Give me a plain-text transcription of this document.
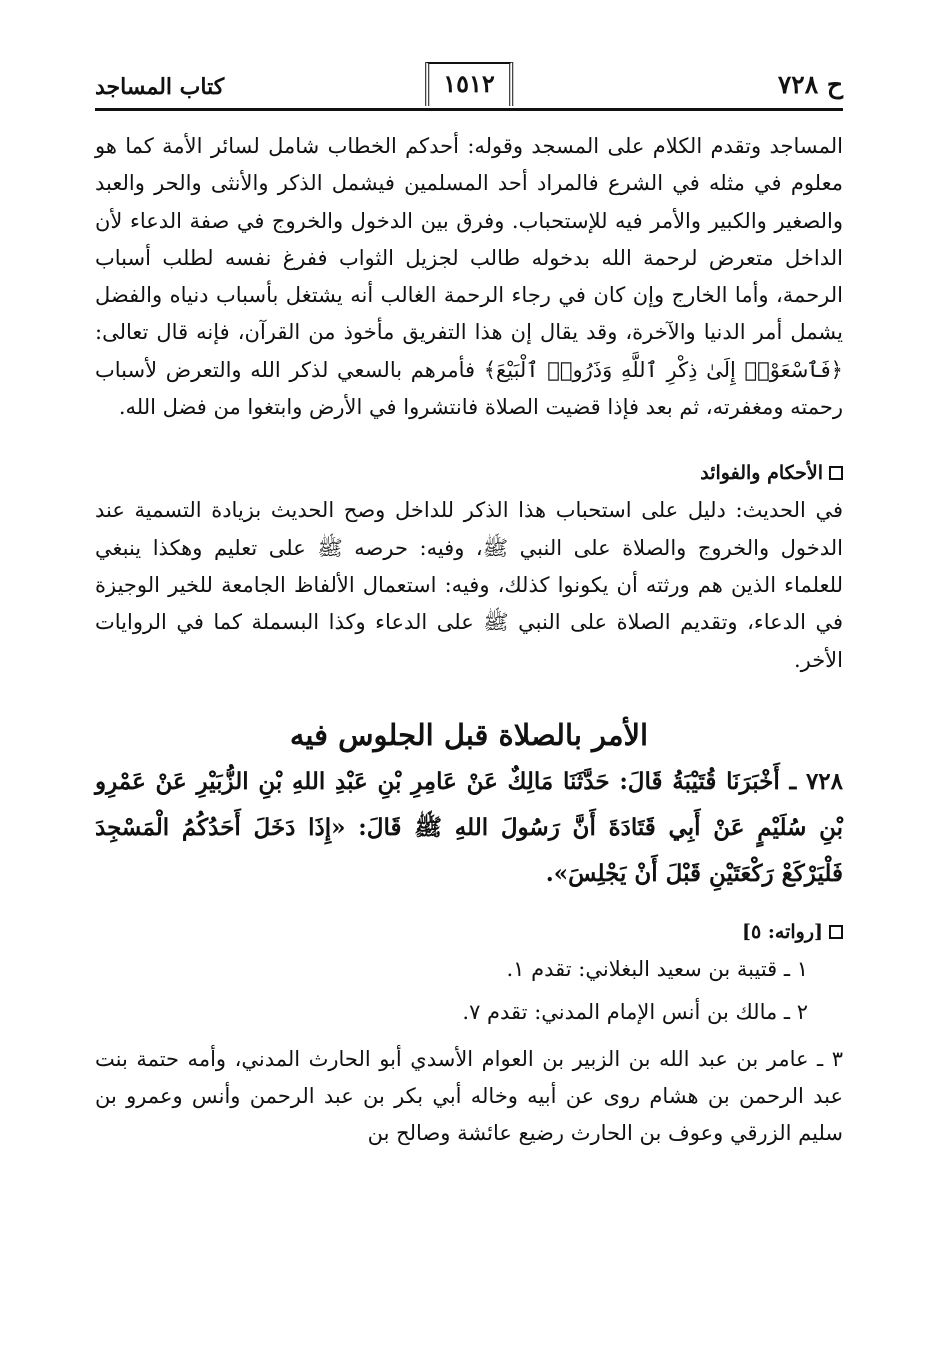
ح ٧٢٨
١٥١٢
كتاب المساجد

المساجد وتقدم الكلام على المسجد وقوله: أحدكم الخطاب شامل لسائر الأمة كما هو معلوم في مثله في الشرع فالمراد أحد المسلمين فيشمل الذكر والأنثى والحر والعبد والصغير والكبير والأمر فيه للإستحباب. وفرق بين الدخول والخروج في صفة الدعاء لأن الداخل متعرض لرحمة الله بدخوله طالب لجزيل الثواب ففرغ نفسه لطلب أسباب الرحمة، وأما الخارج وإن كان في رجاء الرحمة الغالب أنه يشتغل بأسباب دنياه والفضل يشمل أمر الدنيا والآخرة، وقد يقال إن هذا التفريق مأخوذ من القرآن، فإنه قال تعالى: ﴿فَٱسْعَوْا۟ إِلَىٰ ذِكْرِ ٱللَّهِ وَذَرُوا۟ ٱلْبَيْعَ﴾ فأمرهم بالسعي لذكر الله والتعرض لأسباب رحمته ومغفرته، ثم بعد فإذا قضيت الصلاة فانتشروا في الأرض وابتغوا من فضل الله.

الأحكام والفوائد

في الحديث: دليل على استحباب هذا الذكر للداخل وصح الحديث بزيادة التسمية عند الدخول والخروج والصلاة على النبي ﷺ، وفيه: حرصه ﷺ على تعليم وهكذا ينبغي للعلماء الذين هم ورثته أن يكونوا كذلك، وفيه: استعمال الألفاظ الجامعة للخير الوجيزة في الدعاء، وتقديم الصلاة على النبي ﷺ على الدعاء وكذا البسملة كما في الروايات الأخر.

الأمر بالصلاة قبل الجلوس فيه

٧٢٨ ـ أَخْبَرَنَا قُتَيْبَةُ قَالَ: حَدَّثَنَا مَالِكٌ عَنْ عَامِرِ بْنِ عَبْدِ اللهِ بْنِ الزُّبَيْرِ عَنْ عَمْرِو بْنِ سُلَيْمٍ عَنْ أَبِي قَتَادَةَ أَنَّ رَسُولَ اللهِ ﷺ قَالَ: «إِذَا دَخَلَ أَحَدُكُمُ الْمَسْجِدَ فَلْيَرْكَعْ رَكْعَتَيْنِ قَبْلَ أَنْ يَجْلِسَ».

[رواته: ٥]

١ ـ قتيبة بن سعيد البغلاني: تقدم ١.

٢ ـ مالك بن أنس الإمام المدني: تقدم ٧.

٣ ـ عامر بن عبد الله بن الزبير بن العوام الأسدي أبو الحارث المدني، وأمه حتمة بنت عبد الرحمن بن هشام روى عن أبيه وخاله أبي بكر بن عبد الرحمن وأنس وعمرو بن سليم الزرقي وعوف بن الحارث رضيع عائشة وصالح بن
